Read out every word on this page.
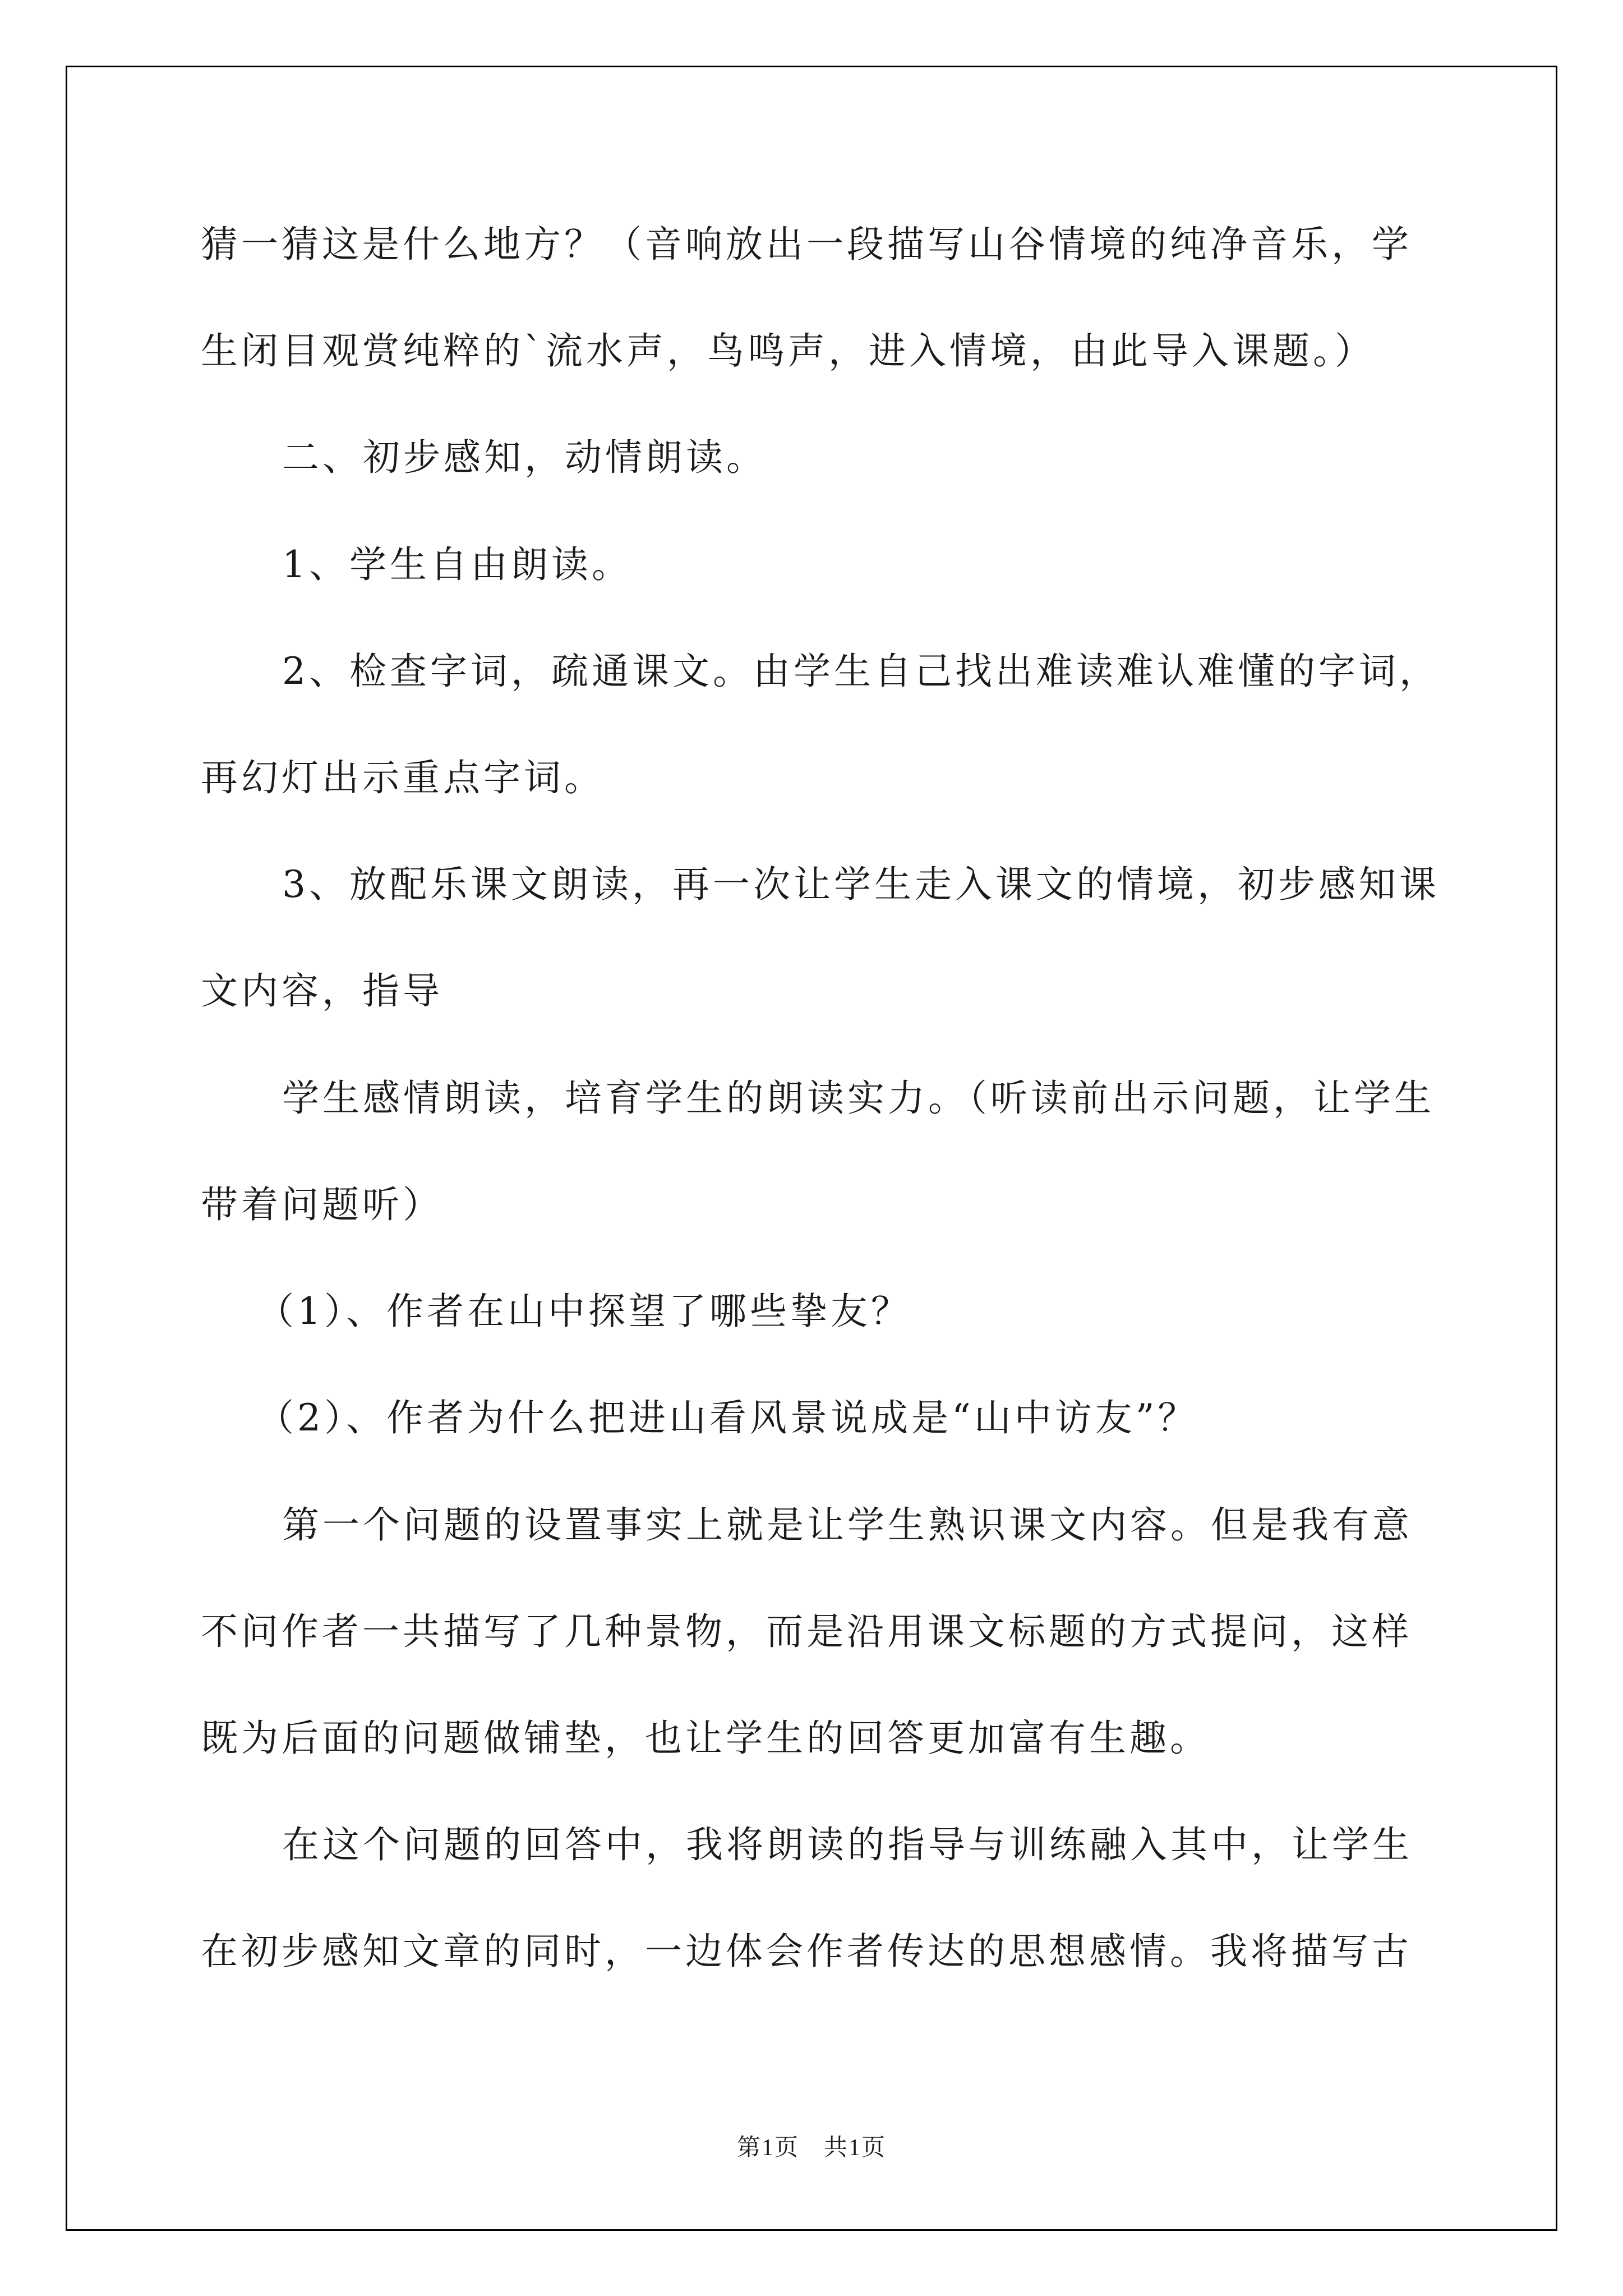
猜一猜这是什么地方？（音响放出一段描写山谷情境的纯净音乐，学
生闭目观赏纯粹的`流水声，鸟鸣声，进入情境，由此导入课题。）
二、初步感知，动情朗读。
1、学生自由朗读。
2、检查字词，疏通课文。由学生自己找出难读难认难懂的字词，
再幻灯出示重点字词。
3、放配乐课文朗读，再一次让学生走入课文的情境，初步感知课
文内容，指导
学生感情朗读，培育学生的朗读实力。（听读前出示问题，让学生
带着问题听）
（1）、作者在山中探望了哪些挚友？
（2）、作者为什么把进山看风景说成是“山中访友”？
第一个问题的设置事实上就是让学生熟识课文内容。但是我有意
不问作者一共描写了几种景物，而是沿用课文标题的方式提问，这样
既为后面的问题做铺垫，也让学生的回答更加富有生趣。
在这个问题的回答中，我将朗读的指导与训练融入其中，让学生
在初步感知文章的同时，一边体会作者传达的思想感情。我将描写古
第1页　共1页
